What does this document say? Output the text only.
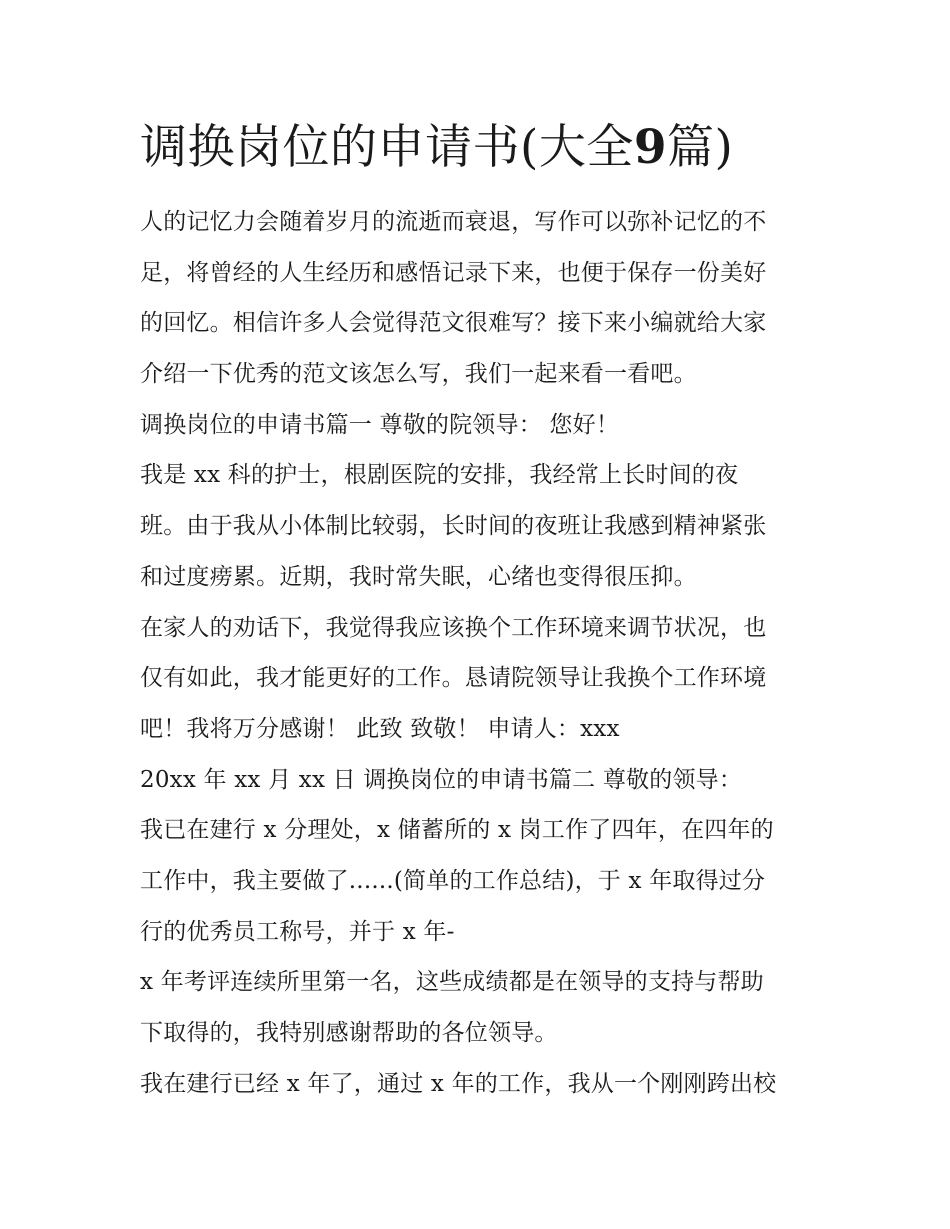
调换岗位的申请书(大全9篇)

人的记忆力会随着岁月的流逝而衰退，写作可以弥补记忆的不

足，将曾经的人生经历和感悟记录下来，也便于保存一份美好

的回忆。相信许多人会觉得范文很难写？接下来小编就给大家

介绍一下优秀的范文该怎么写，我们一起来看一看吧。

调换岗位的申请书篇一 尊敬的院领导： 您好！

我是 xx 科的护士，根剧医院的安排，我经常上长时间的夜

班。由于我从小体制比较弱，长时间的夜班让我感到精神紧张

和过度痨累。近期，我时常失眠，心绪也变得很压抑。

在家人的劝话下，我觉得我应该换个工作环境来调节状况，也

仅有如此，我才能更好的工作。恳请院领导让我换个工作环境

吧！我将万分感谢！ 此致 致敬！ 申请人：xxx

20xx 年 xx 月 xx 日 调换岗位的申请书篇二 尊敬的领导：

我已在建行 x 分理处，x 储蓄所的 x 岗工作了四年，在四年的

工作中，我主要做了......(简单的工作总结)，于 x 年取得过分

行的优秀员工称号，并于 x 年-

x 年考评连续所里第一名，这些成绩都是在领导的支持与帮助

下取得的，我特别感谢帮助的各位领导。

我在建行已经 x 年了，通过 x 年的工作，我从一个刚刚跨出校
